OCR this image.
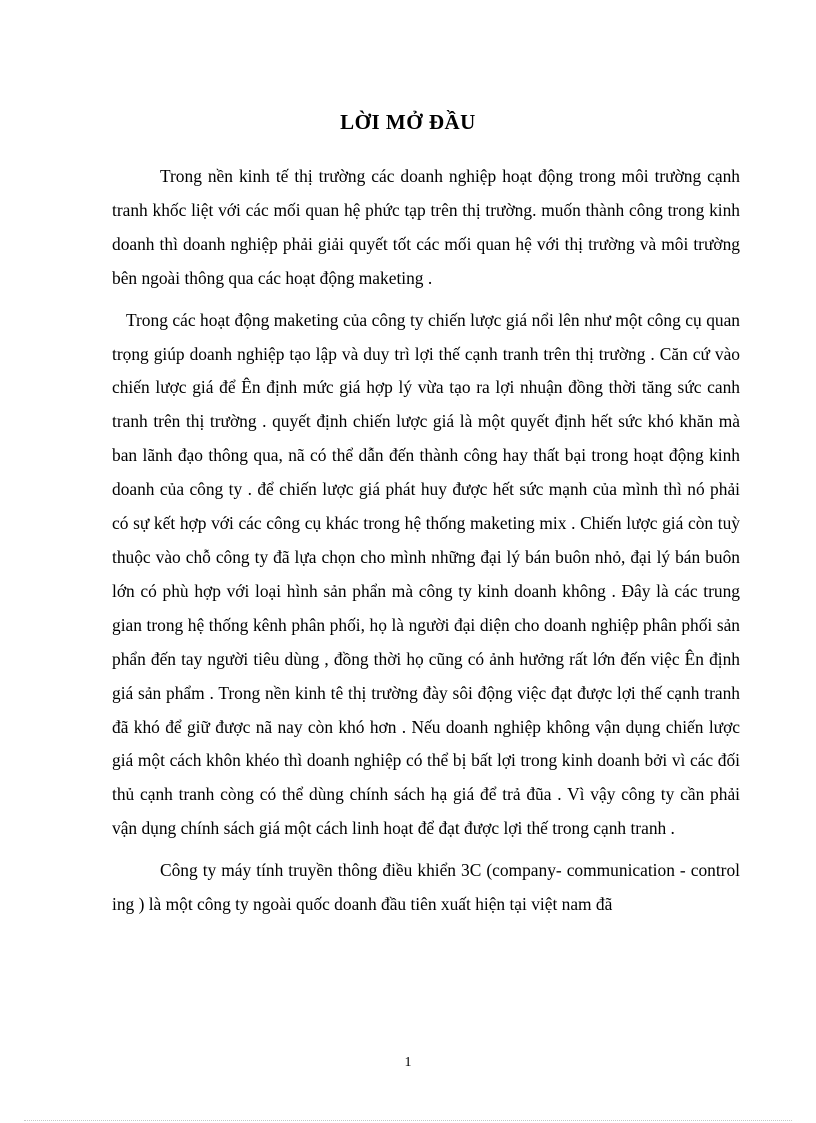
LỜI MỞ ĐẦU

Trong nền kinh tế thị trường các doanh nghiệp hoạt động trong môi trường cạnh tranh khốc liệt với các mối quan hệ phức tạp trên thị trường. muốn thành công trong kinh doanh thì doanh nghiệp phải giải quyết tốt các mối quan hệ với thị trường và môi trường bên ngoài thông qua các hoạt động maketing .

Trong các hoạt động maketing của công ty chiến lược giá nổi lên như một công cụ quan trọng giúp doanh nghiệp tạo lập và duy trì lợi thế cạnh tranh trên thị trường . Căn cứ vào chiến lược giá để Ên định mức giá hợp lý vừa tạo ra lợi nhuận đồng thời tăng sức canh tranh trên thị trường . quyết định chiến lược giá là một quyết định hết sức khó khăn mà ban lãnh đạo thông qua, nã có thể dẫn đến thành công hay thất bại trong hoạt động kinh doanh của công ty . để chiến lược giá phát huy được hết sức mạnh của mình thì nó phải có sự kết hợp với các công cụ khác trong hệ thống maketing mix . Chiến lược giá còn tuỳ thuộc vào chỗ công ty đã lựa chọn cho mình những đại lý bán buôn nhỏ, đại lý bán buôn lớn có phù hợp với loại hình sản phẩn mà công ty kinh doanh không . Đây là các trung gian trong hệ thống kênh phân phối, họ là người đại diện cho doanh nghiệp phân phối sản phẩn đến tay người tiêu dùng , đồng thời họ cũng có ảnh hưởng rất lớn đến việc Ên định giá sản phẩm . Trong nền kinh tê thị trường đày sôi động việc đạt được lợi thế cạnh tranh đã khó để giữ được nã nay còn khó hơn . Nếu doanh nghiệp không vận dụng chiến lược giá một cách khôn khéo thì doanh nghiệp có thể bị bất lợi trong kinh doanh bởi vì các đối thủ cạnh tranh còng có thể dùng chính sách hạ giá để trả đũa . Vì vậy công ty cần phải vận dụng chính sách giá một cách linh hoạt để đạt được lợi thế trong cạnh tranh .

Công ty máy tính truyền thông điều khiển 3C (company- communication - control ing ) là một công ty ngoài quốc doanh đầu tiên xuất hiện tại việt nam đã

1
